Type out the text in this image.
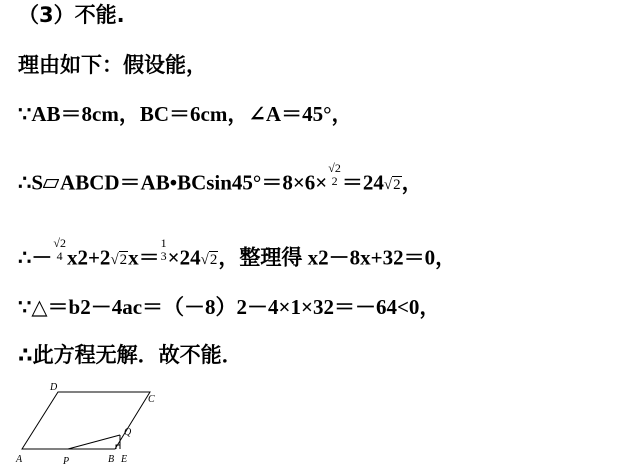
（3）不能.
理由如下：假设能，
∵AB＝8cm，BC＝6cm，∠A＝45°，
∴S ABCD＝AB•BCsin45°＝8×6×
√2
2 ＝24√2，
∴－
√2
4 x2+2√2x＝
1
3 ×24√2，整理得 x2－8x+32＝0，
∵△＝b2－4ac＝（－8）2－4×1×32＝－64<0，
∴此方程无解．故不能．
D
C
A	P	B E
Q
